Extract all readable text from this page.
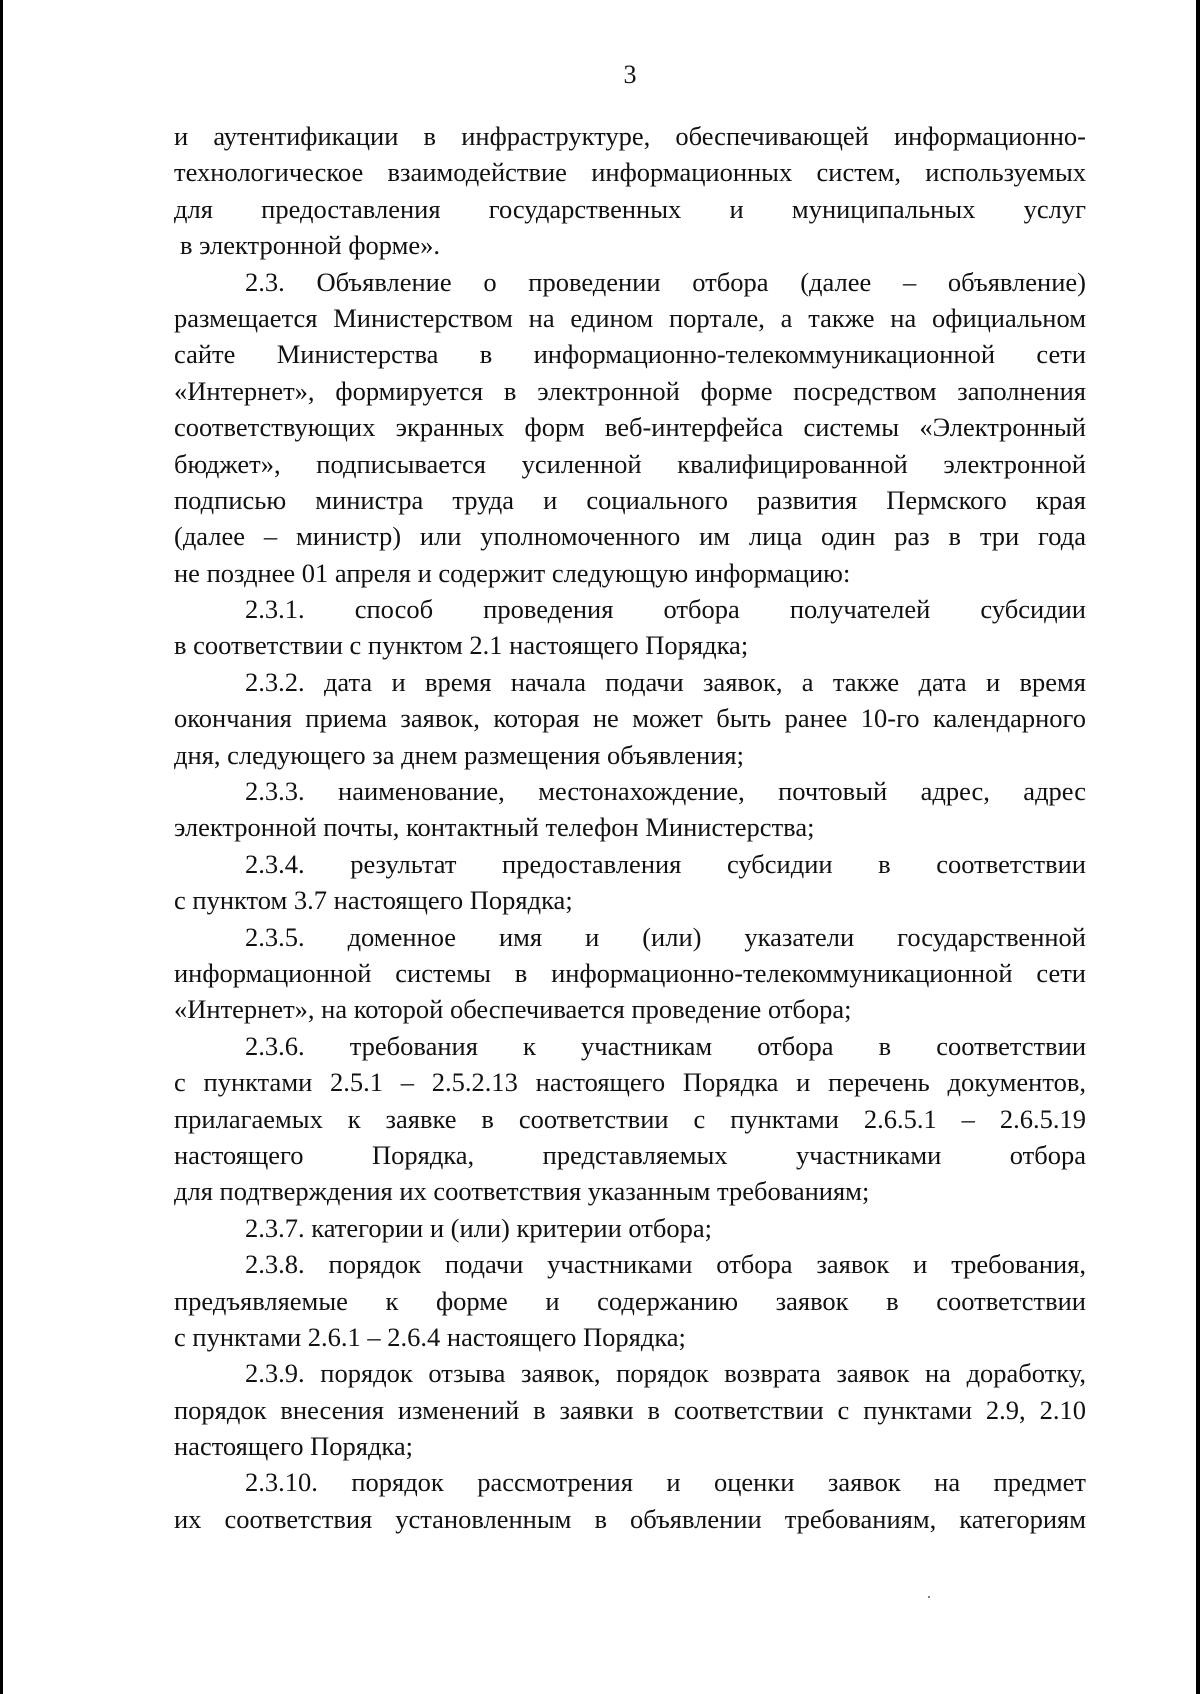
3
и аутентификации в инфраструктуре, обеспечивающей информационно-
технологическое взаимодействие информационных систем, используемых
для предоставления государственных и муниципальных услуг
в электронной форме».
2.3. Объявление о проведении отбора (далее – объявление)
размещается Министерством на едином портале, а также на официальном
сайте Министерства в информационно-телекоммуникационной сети
«Интернет», формируется в электронной форме посредством заполнения
соответствующих экранных форм веб-интерфейса системы «Электронный
бюджет», подписывается усиленной квалифицированной электронной
подписью министра труда и социального развития Пермского края
(далее – министр) или уполномоченного им лица один раз в три года
не позднее 01 апреля и содержит следующую информацию:
2.3.1. способ проведения отбора получателей субсидии
в соответствии с пунктом 2.1 настоящего Порядка;
2.3.2. дата и время начала подачи заявок, а также дата и время
окончания приема заявок, которая не может быть ранее 10-го календарного
дня, следующего за днем размещения объявления;
2.3.3. наименование, местонахождение, почтовый адрес, адрес
электронной почты, контактный телефон Министерства;
2.3.4. результат предоставления субсидии в соответствии
с пунктом 3.7 настоящего Порядка;
2.3.5. доменное имя и (или) указатели государственной
информационной системы в информационно-телекоммуникационной сети
«Интернет», на которой обеспечивается проведение отбора;
2.3.6. требования к участникам отбора в соответствии
с пунктами 2.5.1 – 2.5.2.13 настоящего Порядка и перечень документов,
прилагаемых к заявке в соответствии с пунктами 2.6.5.1 – 2.6.5.19
настоящего Порядка, представляемых участниками отбора
для подтверждения их соответствия указанным требованиям;
2.3.7. категории и (или) критерии отбора;
2.3.8. порядок подачи участниками отбора заявок и требования,
предъявляемые к форме и содержанию заявок в соответствии
с пунктами 2.6.1 – 2.6.4 настоящего Порядка;
2.3.9. порядок отзыва заявок, порядок возврата заявок на доработку,
порядок внесения изменений в заявки в соответствии с пунктами 2.9, 2.10
настоящего Порядка;
2.3.10. порядок рассмотрения и оценки заявок на предмет
их соответствия установленным в объявлении требованиям, категориям
